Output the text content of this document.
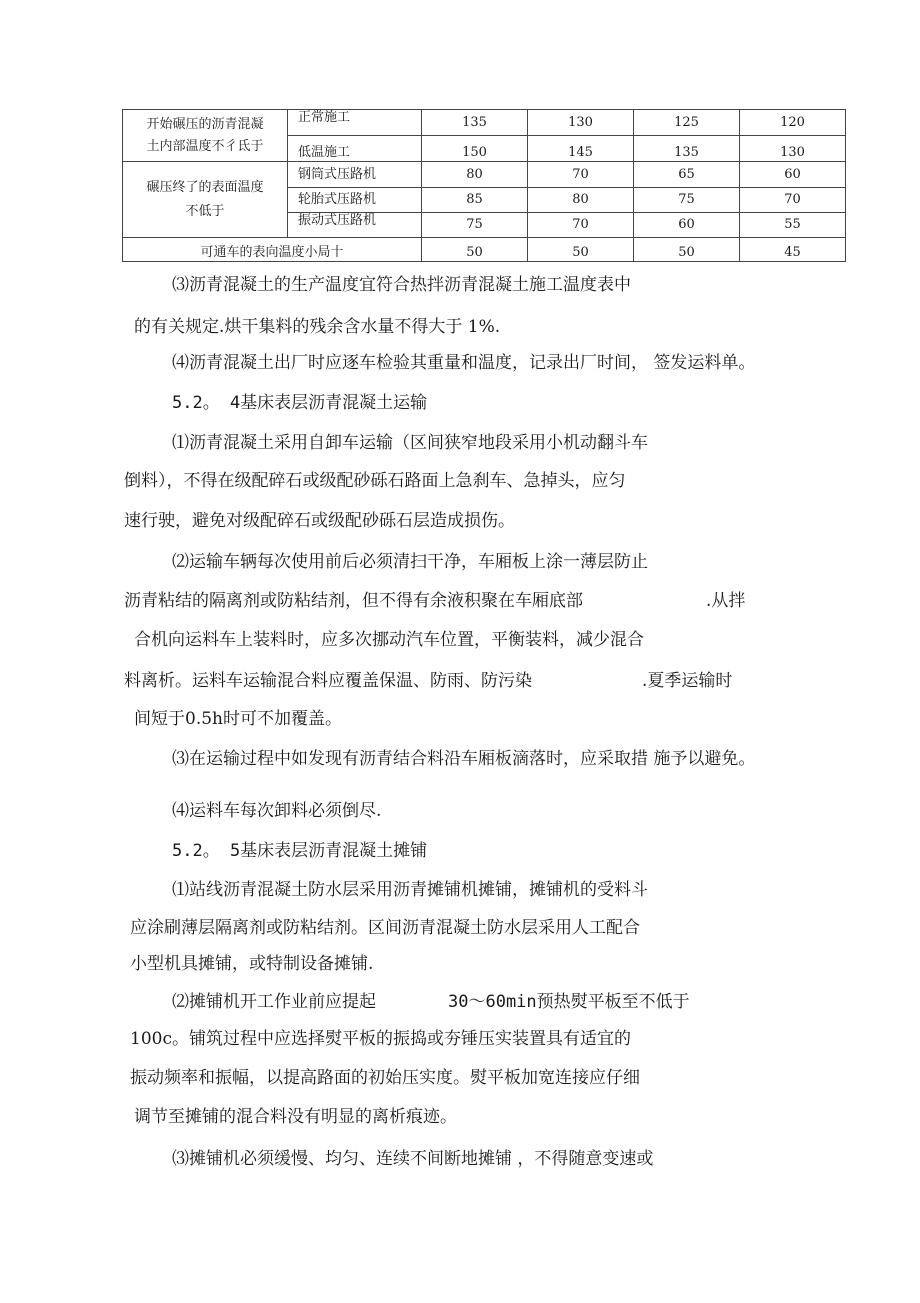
开始碾压的沥青混凝
土内部温度不彳氐于	正常施工	135	130	125	120
	低温施工	150	145	135	130

碾压终了的表面温度
不低于	钢筒式压路机	80	70	65	60
	轮胎式压路机	85	80	75	70
	振动式压路机	75	70	60	55
可通车的表向温度小局十		50	50	50	45
⑶沥青混凝土的生产温度宜符合热拌沥青混凝土施工温度表中
的有关规定.烘干集料的残余含水量不得大于 1%.
⑷沥青混凝土出厂时应逐车检验其重量和温度，记录出厂时间， 签发运料单。
5.2。 4基床表层沥青混凝土运输
⑴沥青混凝土采用自卸车运输（区间狭窄地段采用小机动翻斗车
倒料），不得在级配碎石或级配砂砾石路面上急刹车、急掉头，应匀
速行驶，避免对级配碎石或级配砂砾石层造成损伤。
⑵运输车辆每次使用前后必须清扫干净，车厢板上涂一薄层防止
沥青粘结的隔离剂或防粘结剂，但不得有余液积聚在车厢底部	.从拌
合机向运料车上装料时，应多次挪动汽车位置，平衡装料，减少混合
料离析。运料车运输混合料应覆盖保温、防雨、防污染	.夏季运输时
间短于0.5h时可不加覆盖。
⑶在运输过程中如发现有沥青结合料沿车厢板滴落时，应采取措 施予以避免。
⑷运料车每次卸料必须倒尽.
5.2。 5基床表层沥青混凝土摊铺
⑴站线沥青混凝土防水层采用沥青摊铺机摊铺，摊铺机的受料斗
应涂刷薄层隔离剂或防粘结剂。区间沥青混凝土防水层采用人工配合
小型机具摊铺，或特制设备摊铺.
⑵摊铺机开工作业前应提起	30〜60min预热熨平板至不低于
100c。铺筑过程中应选择熨平板的振捣或夯锤压实装置具有适宜的
振动频率和振幅，以提高路面的初始压实度。熨平板加宽连接应仔细
调节至摊铺的混合料没有明显的离析痕迹。
⑶摊铺机必须缓慢、均匀、连续不间断地摊铺 ，不得随意变速或
